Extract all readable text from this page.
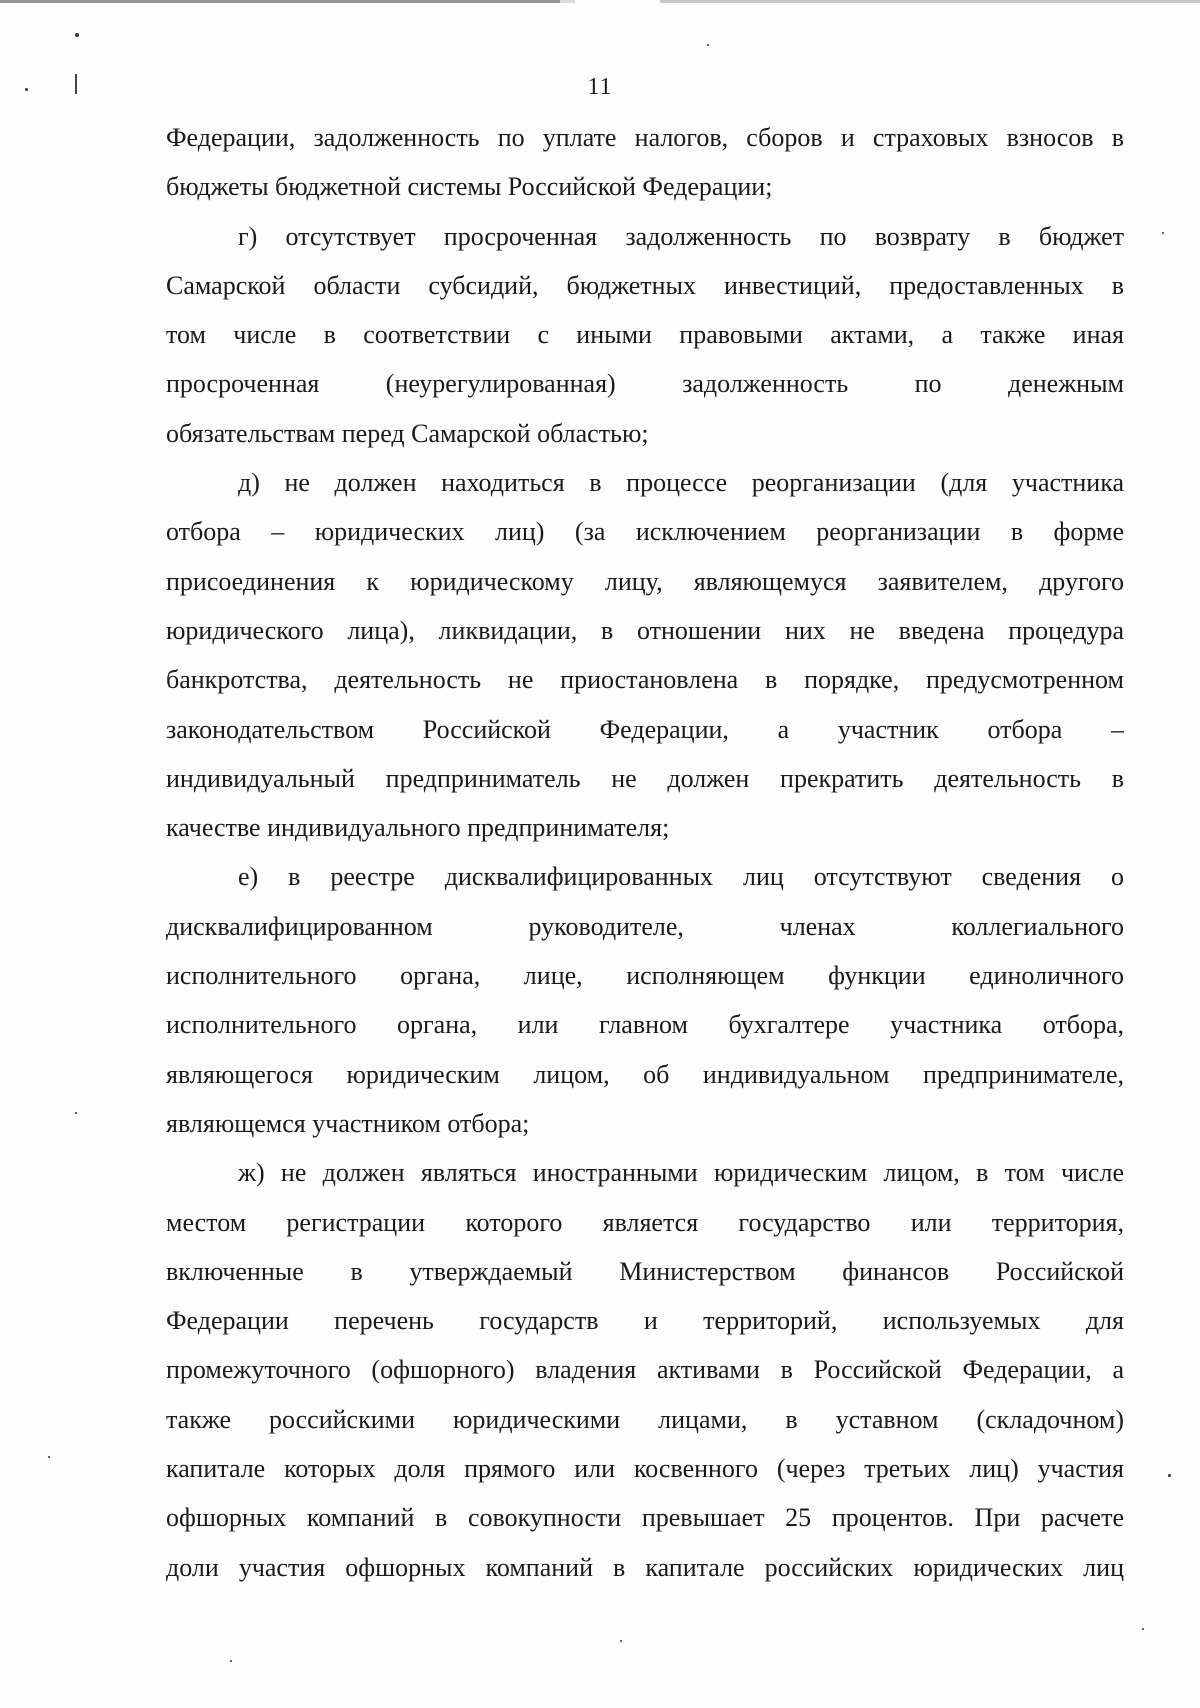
11
Федерации, задолженность по уплате налогов, сборов и страховых взносов в
бюджеты бюджетной системы Российской Федерации;
г) отсутствует просроченная задолженность по возврату в бюджет
Самарской области субсидий, бюджетных инвестиций, предоставленных в
том числе в соответствии с иными правовыми актами, а также иная
просроченная (неурегулированная) задолженность по денежным
обязательствам перед Самарской областью;
д) не должен находиться в процессе реорганизации (для участника
отбора – юридических лиц) (за исключением реорганизации в форме
присоединения к юридическому лицу, являющемуся заявителем, другого
юридического лица), ликвидации, в отношении них не введена процедура
банкротства, деятельность не приостановлена в порядке, предусмотренном
законодательством Российской Федерации, а участник отбора –
индивидуальный предприниматель не должен прекратить деятельность в
качестве индивидуального предпринимателя;
е) в реестре дисквалифицированных лиц отсутствуют сведения о
дисквалифицированном руководителе, членах коллегиального
исполнительного органа, лице, исполняющем функции единоличного
исполнительного органа, или главном бухгалтере участника отбора,
являющегося юридическим лицом, об индивидуальном предпринимателе,
являющемся участником отбора;
ж) не должен являться иностранными юридическим лицом, в том числе
местом регистрации которого является государство или территория,
включенные в утверждаемый Министерством финансов Российской
Федерации перечень государств и территорий, используемых для
промежуточного (офшорного) владения активами в Российской Федерации, а
также российскими юридическими лицами, в уставном (складочном)
капитале которых доля прямого или косвенного (через третьих лиц) участия
офшорных компаний в совокупности превышает 25 процентов. При расчете
доли участия офшорных компаний в капитале российских юридических лиц
